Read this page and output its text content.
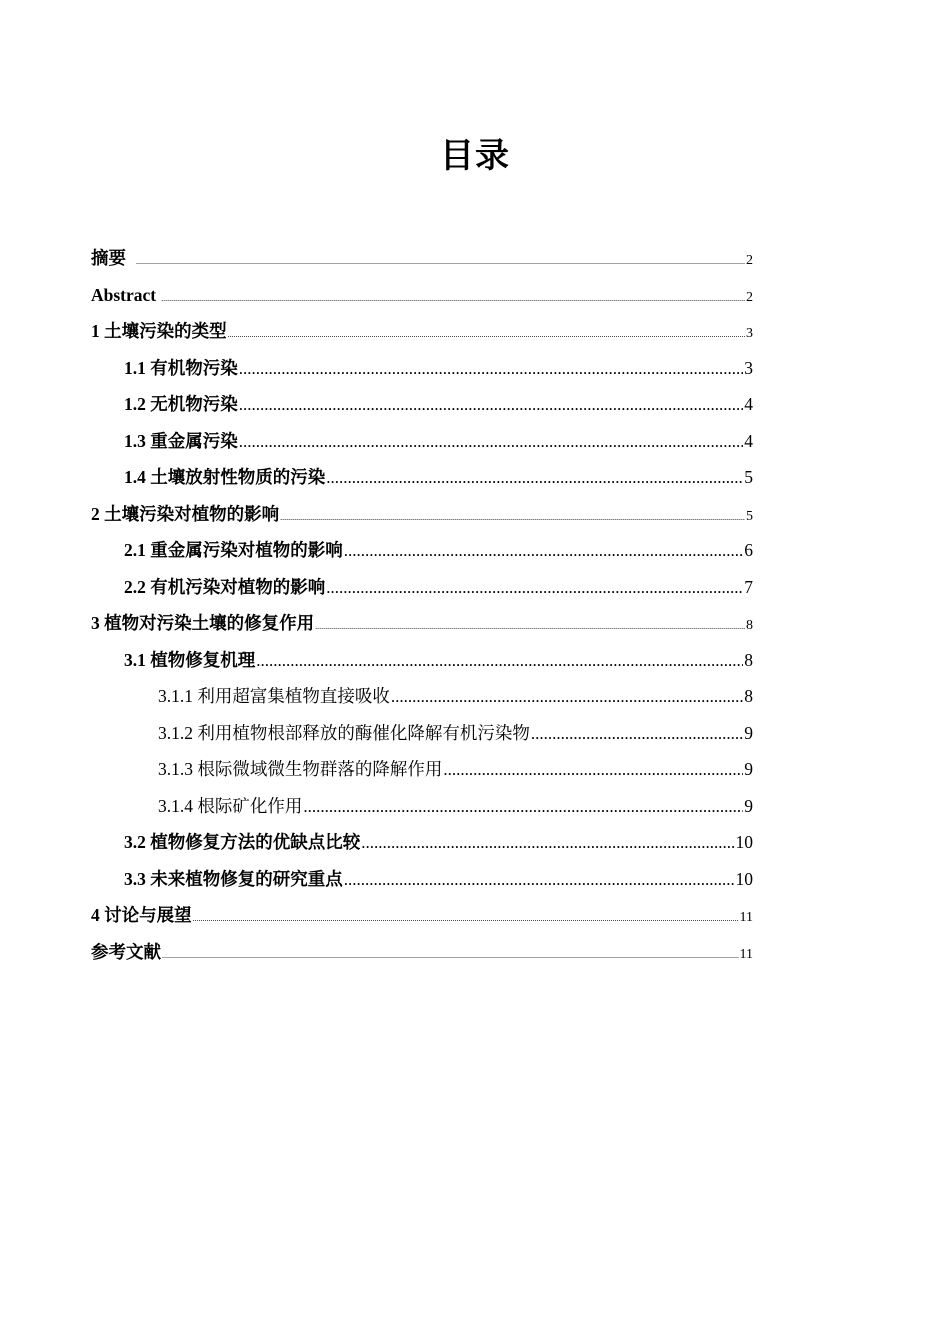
目录
摘要 .....	2
Abstract .....	2
1 土壤污染的类型 .....	3
1.1 有机物污染 .....	3
1.2 无机物污染 .....	4
1.3 重金属污染 .....	4
1.4 土壤放射性物质的污染 .....	5
2 土壤污染对植物的影响 .....	5
2.1 重金属污染对植物的影响 .....	6
2.2 有机污染对植物的影响 .....	7
3 植物对污染土壤的修复作用 .....	8
3.1 植物修复机理 .....	8
3.1.1 利用超富集植物直接吸收 .....	8
3.1.2 利用植物根部释放的酶催化降解有机污染物 .....	9
3.1.3 根际微域微生物群落的降解作用 .....	9
3.1.4 根际矿化作用 .....	9
3.2 植物修复方法的优缺点比较 .....	10
3.3 未来植物修复的研究重点 .....	10
4 讨论与展望 .....	11
参考文献 .....	11
